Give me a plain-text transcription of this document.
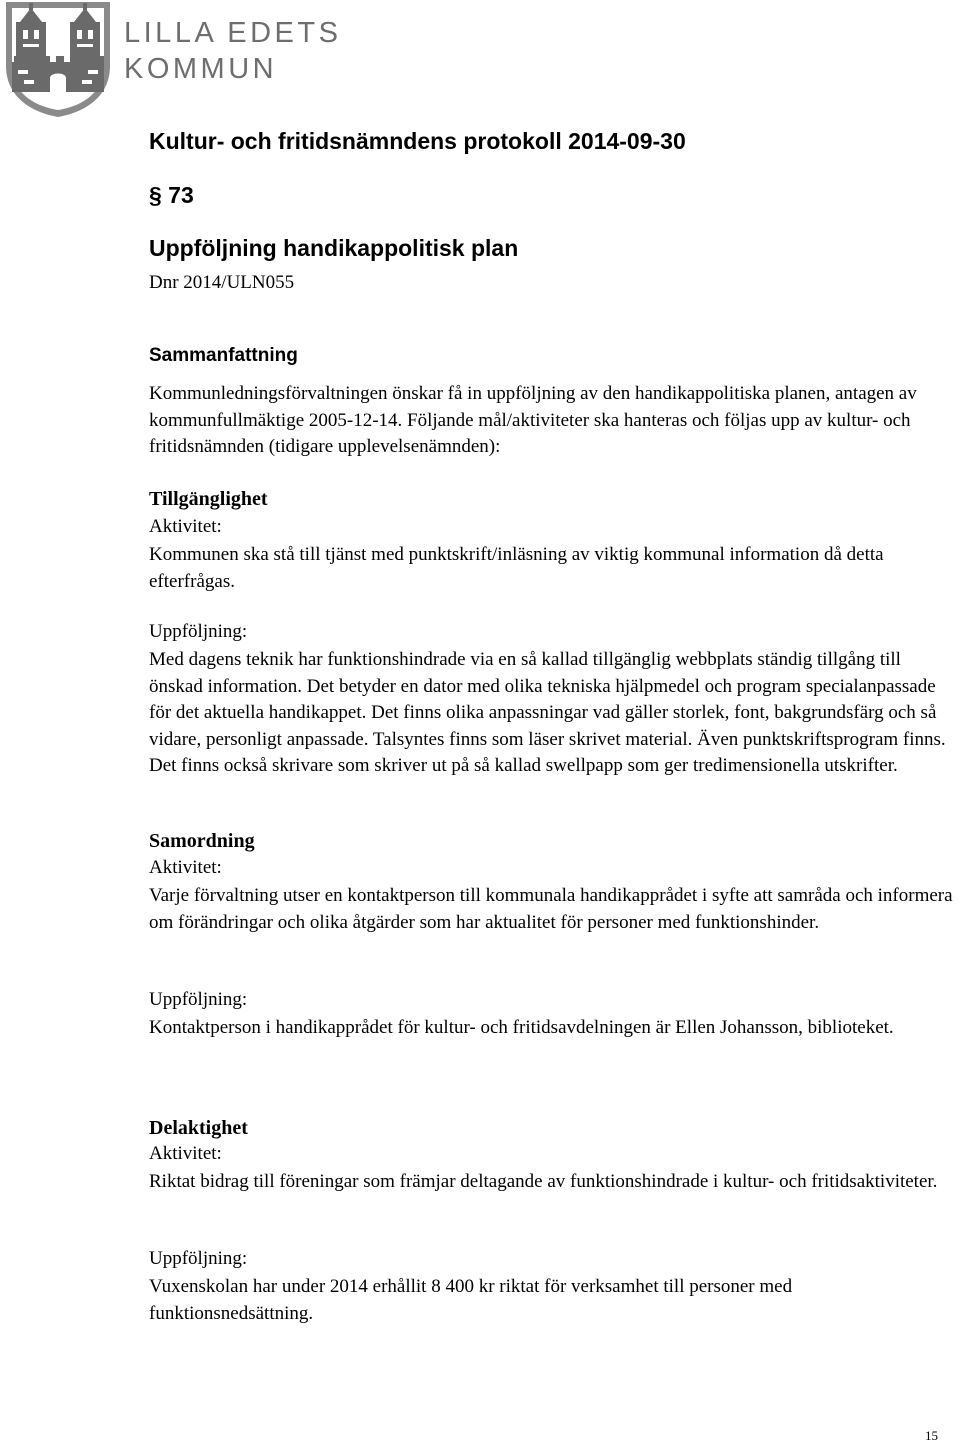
LILLA EDETS
KOMMUN
Kultur- och fritidsnämndens protokoll 2014-09-30
§ 73
Uppföljning handikappolitisk plan
Dnr 2014/ULN055
Sammanfattning
Kommunledningsförvaltningen önskar få in uppföljning av den handikappolitiska planen, antagen av kommunfullmäktige 2005-12-14. Följande mål/aktiviteter ska hanteras och följas upp av kultur- och fritidsnämnden (tidigare upplevelsenämnden):
Tillgänglighet
Aktivitet:
Kommunen ska stå till tjänst med punktskrift/inläsning av viktig kommunal information då detta efterfrågas.
Uppföljning:
Med dagens teknik har funktionshindrade via en så kallad tillgänglig webbplats ständig tillgång till önskad information. Det betyder en dator med olika tekniska hjälpmedel och program specialanpassade för det aktuella handikappet. Det finns olika anpassningar vad gäller storlek, font, bakgrundsfärg och så vidare, personligt anpassade. Talsyntes finns som läser skrivet material. Även punktskriftsprogram finns. Det finns också skrivare som skriver ut på så kallad swellpapp som ger tredimensionella utskrifter.
Samordning
Aktivitet:
Varje förvaltning utser en kontaktperson till kommunala handikapprådet i syfte att samråda och informera om förändringar och olika åtgärder som har aktualitet för personer med funktionshinder.
Uppföljning:
Kontaktperson i handikapprådet för kultur- och fritidsavdelningen är Ellen Johansson, biblioteket.
Delaktighet
Aktivitet:
Riktat bidrag till föreningar som främjar deltagande av funktionshindrade i kultur- och fritidsaktiviteter.
Uppföljning:
Vuxenskolan har under 2014 erhållit 8 400 kr riktat för verksamhet till personer med funktionsnedsättning.
15
